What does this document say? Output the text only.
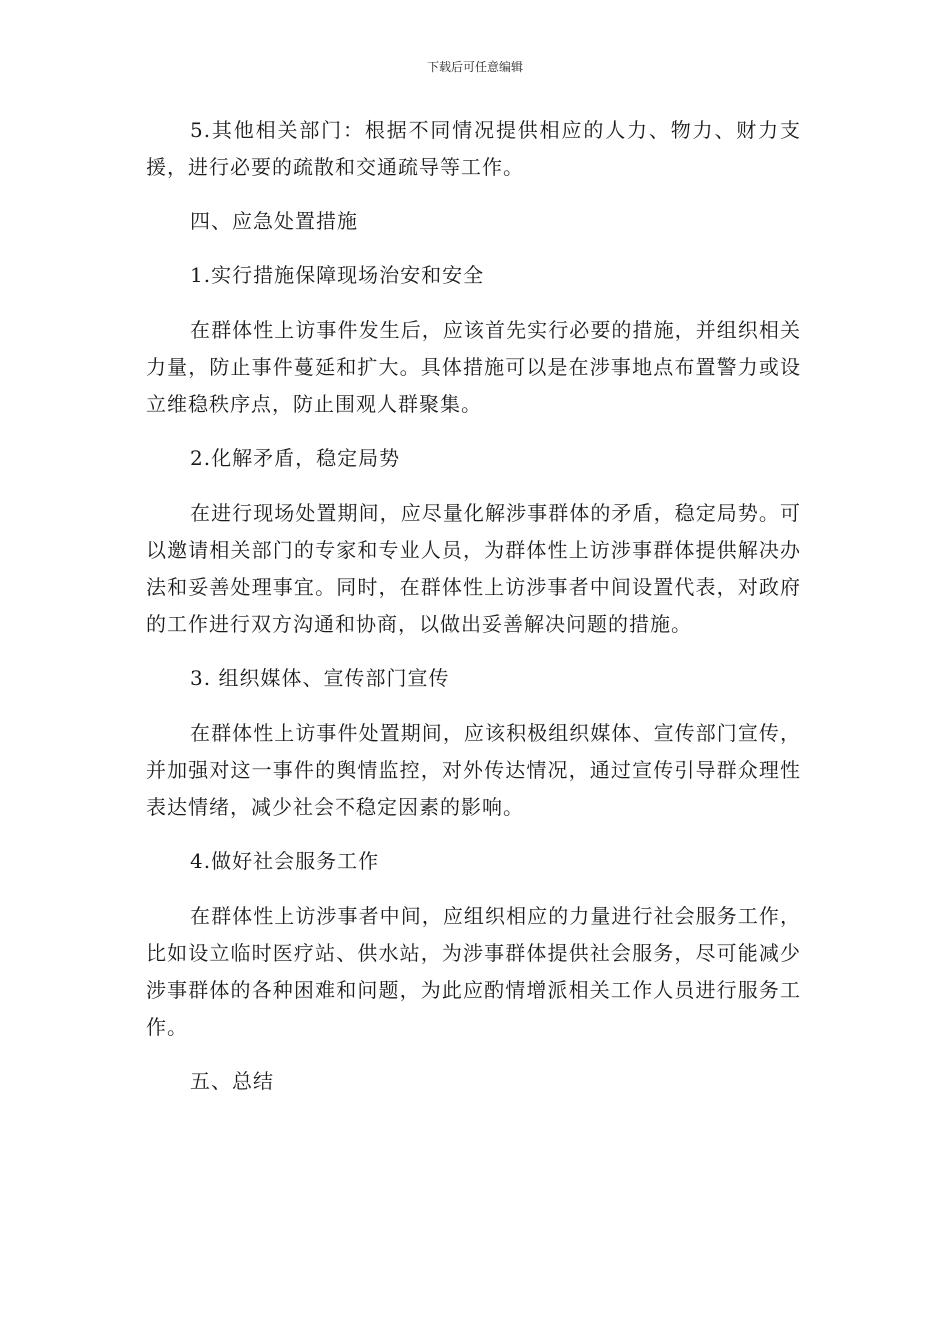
下载后可任意编辑

5.其他相关部门：根据不同情况提供相应的人力、物力、财力支援，进行必要的疏散和交通疏导等工作。

四、应急处置措施

1.实行措施保障现场治安和安全

在群体性上访事件发生后，应该首先实行必要的措施，并组织相关力量，防止事件蔓延和扩大。具体措施可以是在涉事地点布置警力或设立维稳秩序点，防止围观人群聚集。

2.化解矛盾，稳定局势

在进行现场处置期间，应尽量化解涉事群体的矛盾，稳定局势。可以邀请相关部门的专家和专业人员，为群体性上访涉事群体提供解决办法和妥善处理事宜。同时，在群体性上访涉事者中间设置代表，对政府的工作进行双方沟通和协商，以做出妥善解决问题的措施。

3. 组织媒体、宣传部门宣传

在群体性上访事件处置期间，应该积极组织媒体、宣传部门宣传，并加强对这一事件的舆情监控，对外传达情况，通过宣传引导群众理性表达情绪，减少社会不稳定因素的影响。

4.做好社会服务工作

在群体性上访涉事者中间，应组织相应的力量进行社会服务工作，比如设立临时医疗站、供水站，为涉事群体提供社会服务，尽可能减少涉事群体的各种困难和问题，为此应酌情增派相关工作人员进行服务工作。

五、总结
